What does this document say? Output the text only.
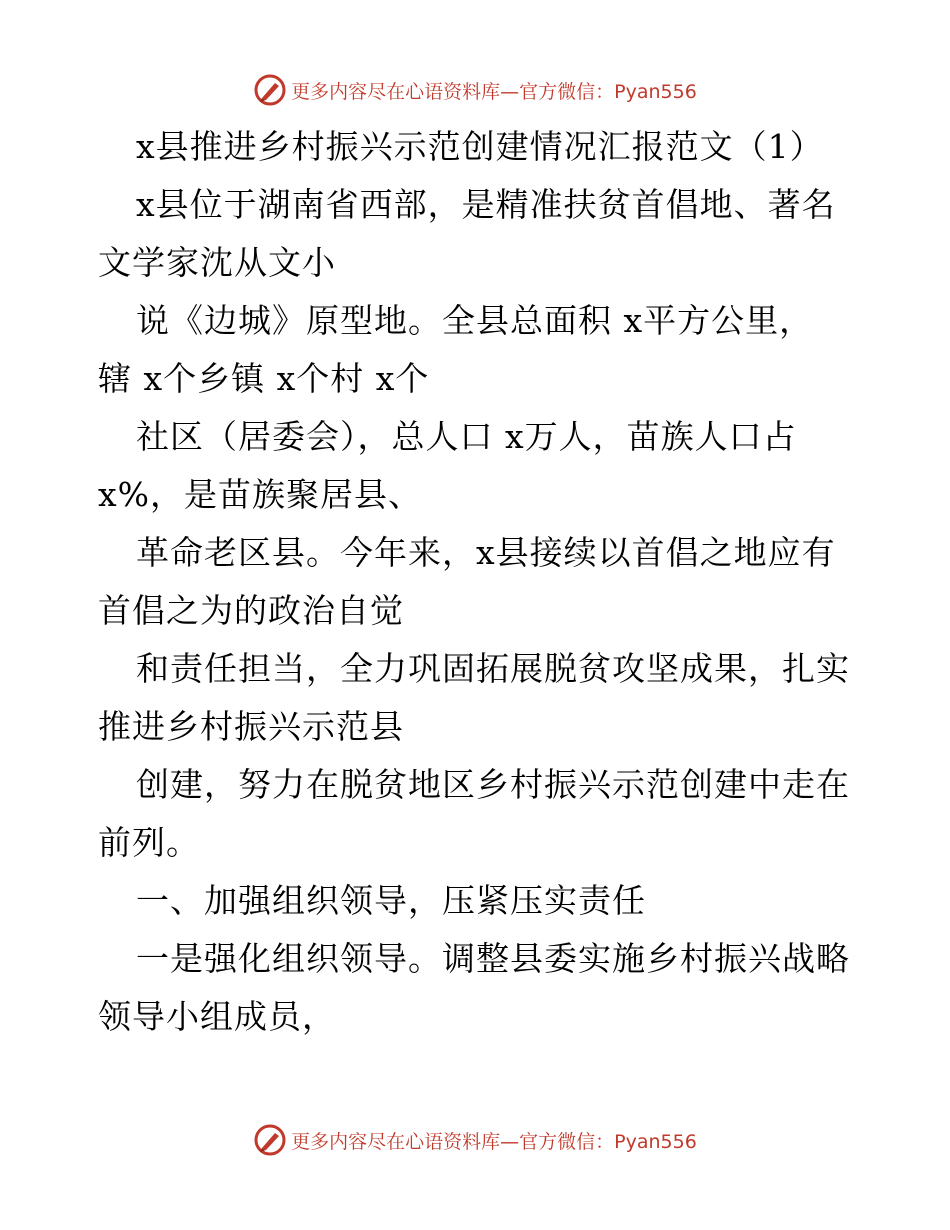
更多内容尽在心语资料库—官方微信：Pyan556
x县推进乡村振兴示范创建情况汇报范文（1）
x县位于湖南省西部，是精准扶贫首倡地、著名
文学家沈从文小
说《边城》原型地。全县总面积 x平方公里，
辖 x个乡镇 x个村 x个
社区（居委会），总人口 x万人，苗族人口占
x%，是苗族聚居县、
革命老区县。今年来，x县接续以首倡之地应有
首倡之为的政治自觉
和责任担当，全力巩固拓展脱贫攻坚成果，扎实
推进乡村振兴示范县
创建，努力在脱贫地区乡村振兴示范创建中走在
前列。
一、加强组织领导，压紧压实责任
一是强化组织领导。调整县委实施乡村振兴战略
领导小组成员，
更多内容尽在心语资料库—官方微信：Pyan556
